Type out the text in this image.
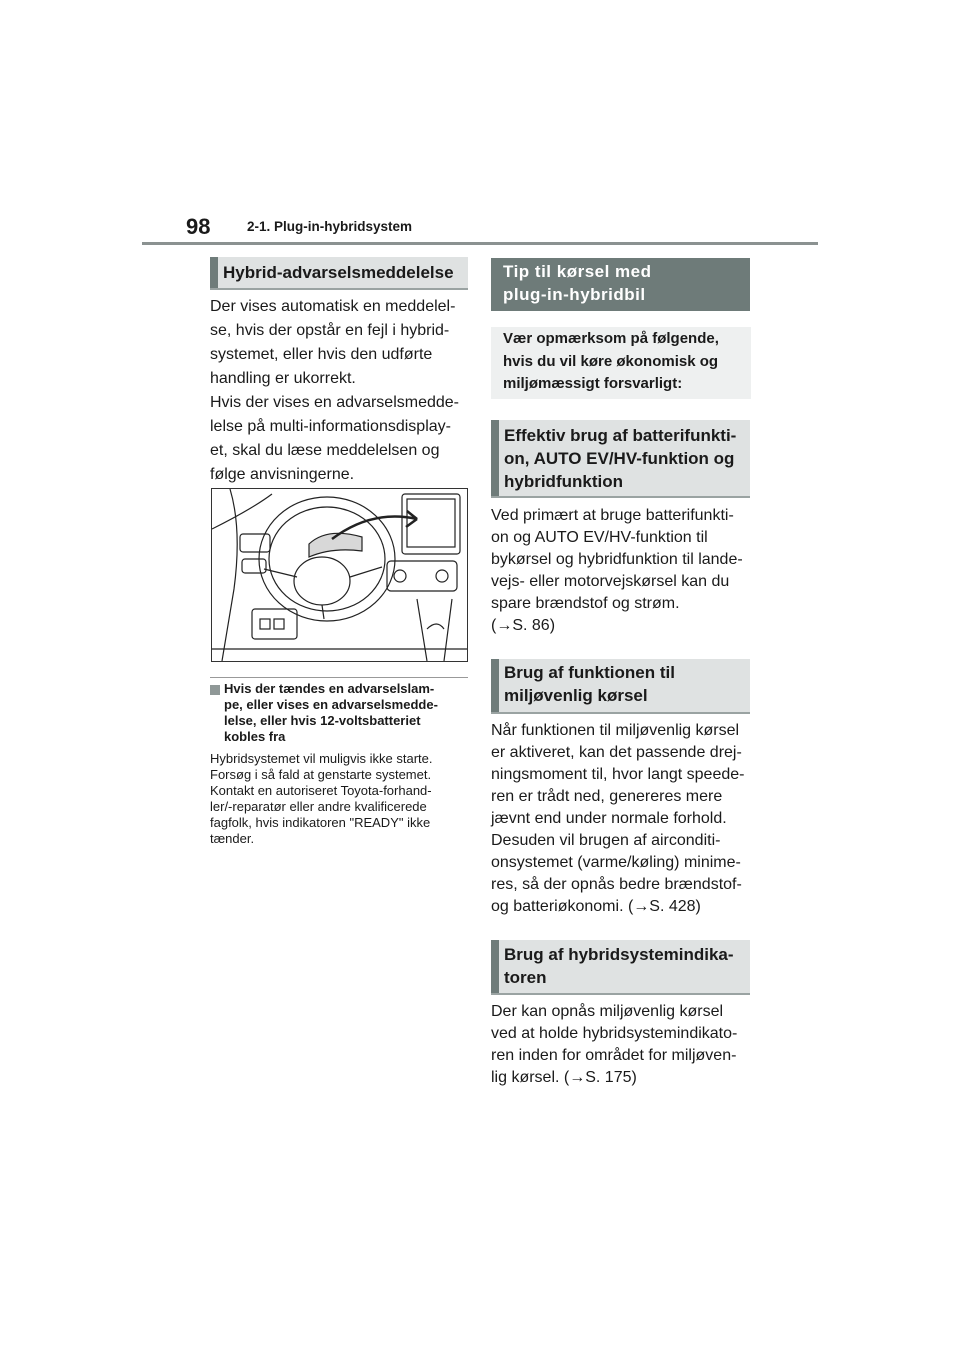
98	2-1. Plug-in-hybridsystem
Hybrid-advarselsmeddelelse
Der vises automatisk en meddelel-
se, hvis der opstår en fejl i hybrid-
systemet, eller hvis den udførte
handling er ukorrekt.
Hvis der vises en advarselsmedde-
lelse på multi-informationsdisplay-
et, skal du læse meddelelsen og
følge anvisningerne.
Hvis der tændes en advarselslam-
pe, eller vises en advarselsmedde-
lelse, eller hvis 12-voltsbatteriet
kobles fra
Hybridsystemet vil muligvis ikke starte.
Forsøg i så fald at genstarte systemet.
Kontakt en autoriseret Toyota-forhand-
ler/-reparatør eller andre kvalificerede
fagfolk, hvis indikatoren "READY" ikke
tænder.
Tip til kørsel med
plug-in-hybridbil
Vær opmærksom på følgende,
hvis du vil køre økonomisk og
miljømæssigt forsvarligt:
Effektiv brug af batterifunkti-
on, AUTO EV/HV-funktion og
hybridfunktion
Ved primært at bruge batterifunkti-
on og AUTO EV/HV-funktion til
bykørsel og hybridfunktion til lande-
vejs- eller motorvejskørsel kan du
spare brændstof og strøm.
(→S. 86)
Brug af funktionen til
miljøvenlig kørsel
Når funktionen til miljøvenlig kørsel
er aktiveret, kan det passende drej-
ningsmoment til, hvor langt speede-
ren er trådt ned, genereres mere
jævnt end under normale forhold.
Desuden vil brugen af airconditi-
onsystemet (varme/køling) minime-
res, så der opnås bedre brændstof-
og batteriøkonomi. (→S. 428)
Brug af hybridsystemindika-
toren
Der kan opnås miljøvenlig kørsel
ved at holde hybridsystemindikato-
ren inden for området for miljøven-
lig kørsel. (→S. 175)
